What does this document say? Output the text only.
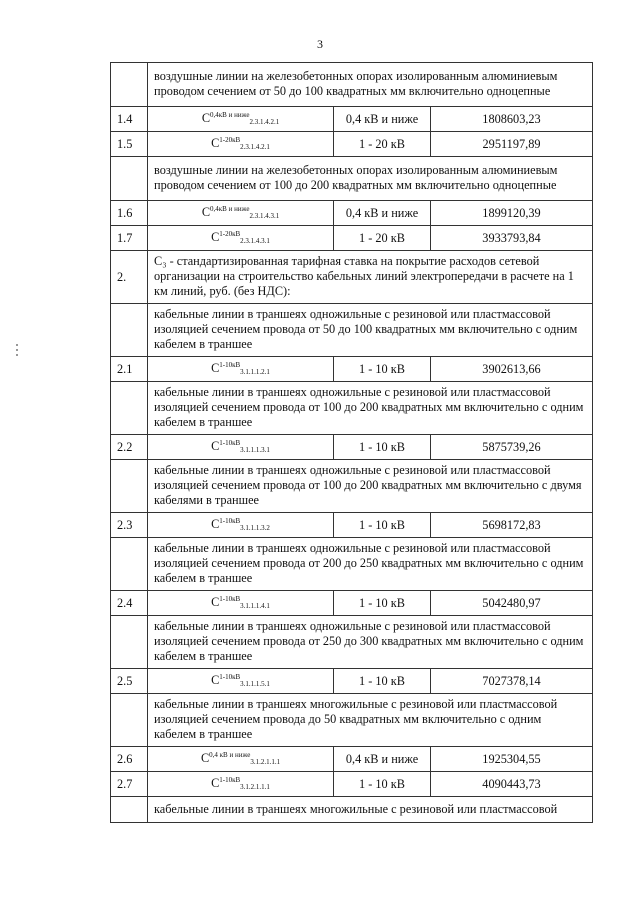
3
	воздушные линии на железобетонных опорах изолированным алюминиевым проводом сечением от 50 до 100 квадратных мм включительно одноцепные		
1.4	$С^{0,4кВ и ниже}_{2.3.1.4.2.1}$	0,4 кВ и ниже	1808603,23
1.5	$С^{1-20кВ}_{2.3.1.4.2.1}$	1 - 20 кВ	2951197,89
	воздушные линии на железобетонных опорах изолированным алюминиевым проводом сечением от 100 до 200 квадратных мм включительно одноцепные		
1.6	$С^{0,4кВ и ниже}_{2.3.1.4.3.1}$	0,4 кВ и ниже	1899120,39
1.7	$С^{1-20кВ}_{2.3.1.4.3.1}$	1 - 20 кВ	3933793,84
2.	С₃ - стандартизированная тарифная ставка на покрытие расходов сетевой организации на строительство кабельных линий электропередачи в расчете на 1 км линий, руб. (без НДС):		
	кабельные линии в траншеях одножильные с резиновой или пластмассовой изоляцией сечением провода от 50 до 100 квадратных мм включительно с одним кабелем в траншее		
2.1	$С^{1-10кВ}_{3.1.1.1.2.1}$	1 - 10 кВ	3902613,66
	кабельные линии в траншеях одножильные с резиновой или пластмассовой изоляцией сечением провода от 100 до 200 квадратных мм включительно с одним кабелем в траншее		
2.2	$С^{1-10кВ}_{3.1.1.1.3.1}$	1 - 10 кВ	5875739,26
	кабельные линии в траншеях одножильные с резиновой или пластмассовой изоляцией сечением провода от 100 до 200 квадратных мм включительно с двумя кабелями в траншее		
2.3	$С^{1-10кВ}_{3.1.1.1.3.2}$	1 - 10 кВ	5698172,83
	кабельные линии в траншеях одножильные с резиновой или пластмассовой изоляцией сечением провода от 200 до 250 квадратных мм включительно с одним кабелем в траншее		
2.4	$С^{1-10кВ}_{3.1.1.1.4.1}$	1 - 10 кВ	5042480,97
	кабельные линии в траншеях одножильные с резиновой или пластмассовой изоляцией сечением провода от 250 до 300 квадратных мм включительно с одним кабелем в траншее		
2.5	$С^{1-10кВ}_{3.1.1.1.5.1}$	1 - 10 кВ	7027378,14
	кабельные линии в траншеях многожильные с резиновой или пластмассовой изоляцией сечением провода до 50 квадратных мм включительно с одним кабелем в траншее		
2.6	$С^{0,4 кВ и ниже}_{3.1.2.1.1.1}$	0,4 кВ и ниже	1925304,55
2.7	$С^{1-10кВ}_{3.1.2.1.1.1}$	1 - 10 кВ	4090443,73
	кабельные линии в траншеях многожильные с резиновой или пластмассовой		
